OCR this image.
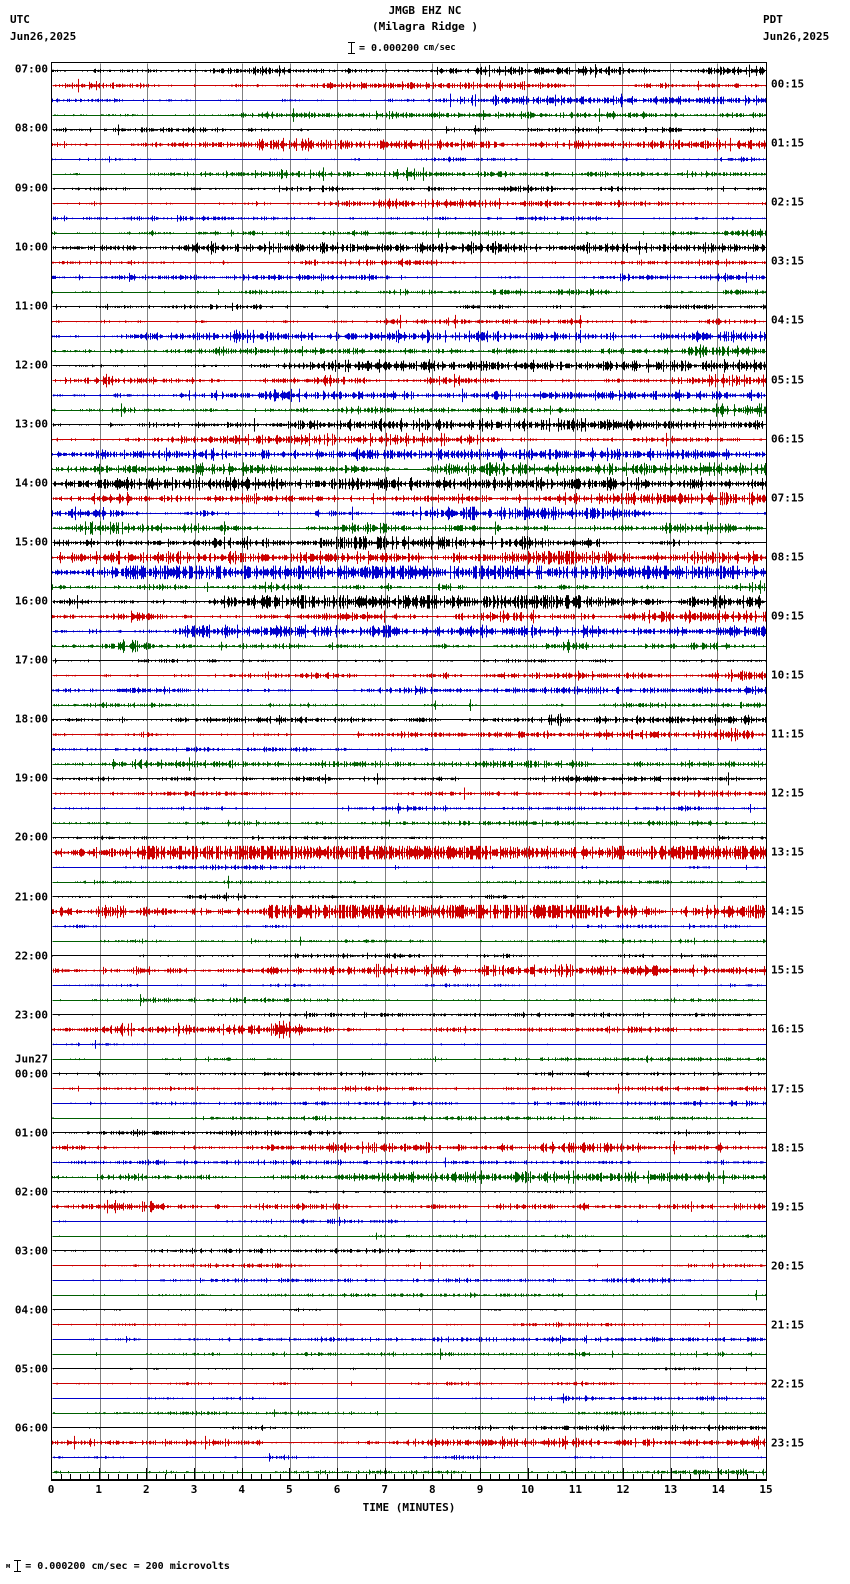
UTC
Jun26,2025
PDT
Jun26,2025
JMGB EHZ NC
(Milagra Ridge )
= 0.000200 cm/sec
07:00
08:00
09:00
10:00
11:00
12:00
13:00
14:00
15:00
16:00
17:00
18:00
19:00
20:00
21:00
22:00
23:00
00:00
01:00
02:00
03:00
04:00
05:00
06:00
Jun27
00:15
01:15
02:15
03:15
04:15
05:15
06:15
07:15
08:15
09:15
10:15
11:15
12:15
13:15
14:15
15:15
16:15
17:15
18:15
19:15
20:15
21:15
22:15
23:15
0	1	2	3	4	5	6	7	8	9	10	11	12	13	14	15
TIME (MINUTES)
м = 0.000200 cm/sec = 200 microvolts
